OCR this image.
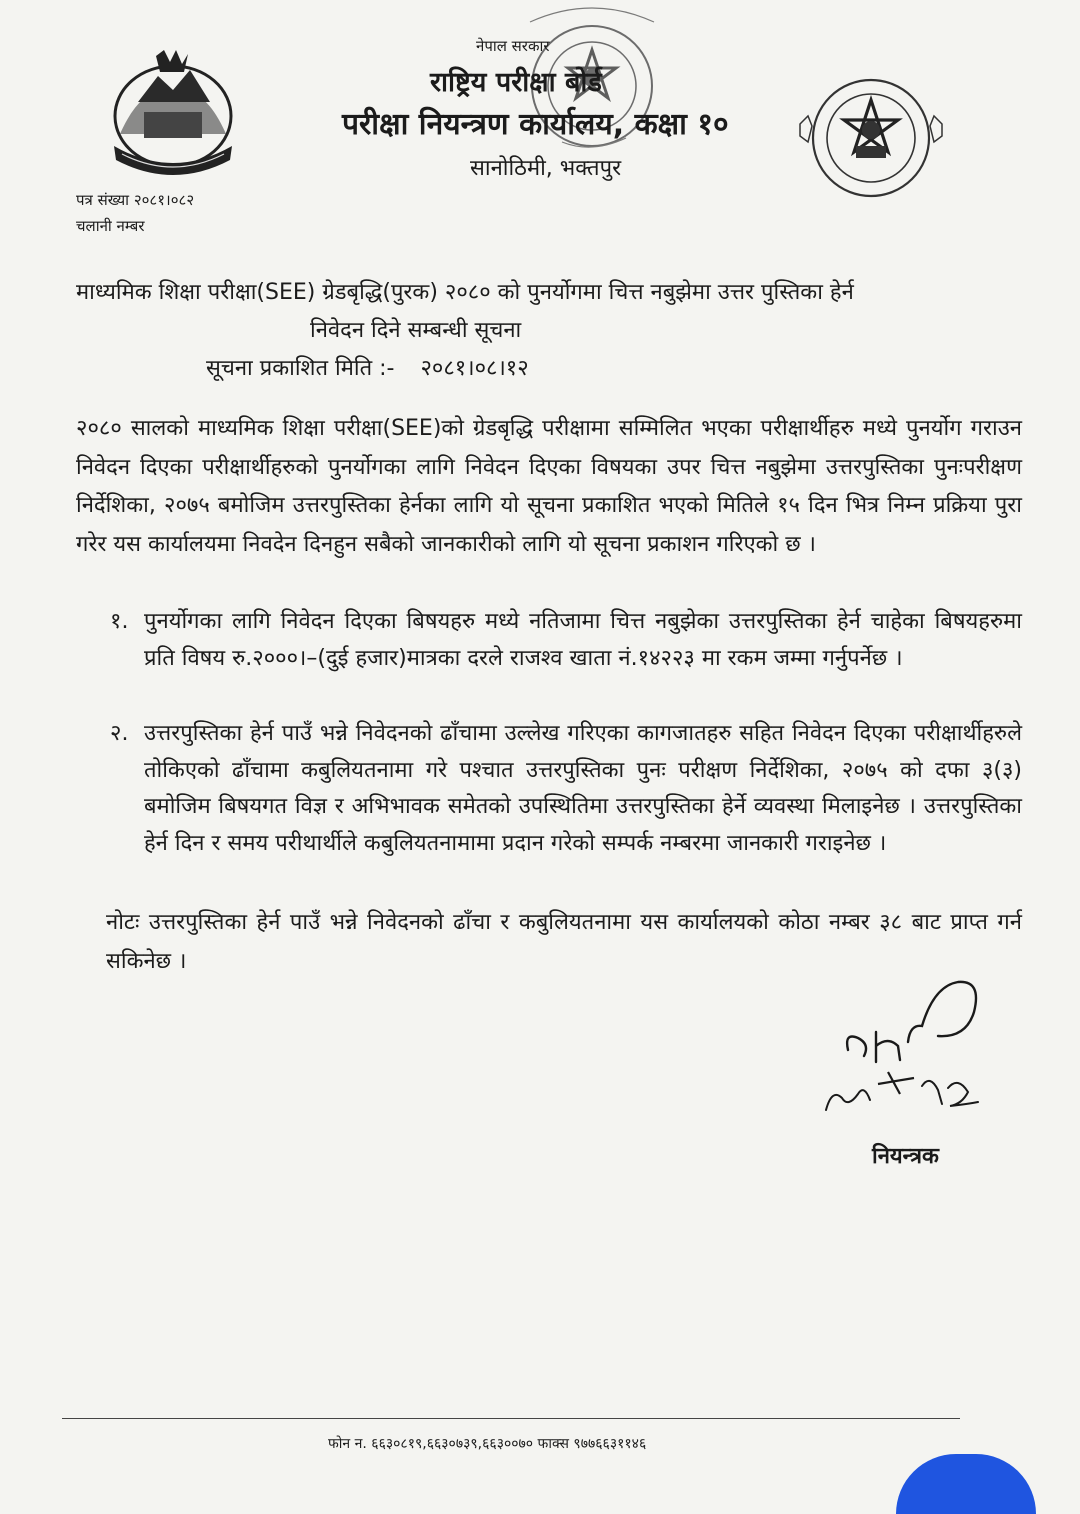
नेपाल सरकार
राष्ट्रिय परीक्षा बोर्ड
परीक्षा नियन्त्रण कार्यालय, कक्षा १०
सानोठिमी, भक्तपुर
पत्र संख्या २०८१।०८२
चलानी नम्बर
माध्यमिक शिक्षा परीक्षा(SEE) ग्रेडबृद्धि(पुरक) २०८० को पुनर्योगमा चित्त नबुझेमा उत्तर पुस्तिका हेर्न
निवेदन दिने सम्बन्धी सूचना
सूचना प्रकाशित मिति :- २०८१।०८।१२

२०८० सालको माध्यमिक शिक्षा परीक्षा(SEE)को ग्रेडबृद्धि परीक्षामा सम्मिलित भएका परीक्षार्थीहरु मध्ये पुनर्योग गराउन निवेदन दिएका परीक्षार्थीहरुको पुनर्योगका लागि निवेदन दिएका विषयका उपर चित्त नबुझेमा उत्तरपुस्तिका पुनःपरीक्षण निर्देशिका, २०७५ बमोजिम उत्तरपुस्तिका हेर्नका लागि यो सूचना प्रकाशित भएको मितिले १५ दिन भित्र निम्न प्रक्रिया पुरा गरेर यस कार्यालयमा निवदेन दिनहुन सबैको जानकारीको लागि यो सूचना प्रकाशन गरिएको छ ।

१. पुनर्योगका लागि निवेदन दिएका बिषयहरु मध्ये नतिजामा चित्त नबुझेका उत्तरपुस्तिका हेर्न चाहेका बिषयहरुमा प्रति विषय रु.२०००।–(दुई हजार)मात्रका दरले राजश्व खाता नं.१४२२३ मा रकम जम्मा गर्नुपर्नेछ ।
२. उत्तरपुस्तिका हेर्न पाउँ भन्ने निवेदनको ढाँचामा उल्लेख गरिएका कागजातहरु सहित निवेदन दिएका परीक्षार्थीहरुले तोकिएको ढाँचामा कबुलियतनामा गरे पश्चात उत्तरपुस्तिका पुनः परीक्षण निर्देशिका, २०७५ को दफा ३(३) बमोजिम बिषयगत विज्ञ र अभिभावक समेतको उपस्थितिमा उत्तरपुस्तिका हेर्ने व्यवस्था मिलाइनेछ । उत्तरपुस्तिका हेर्न दिन र समय परीथार्थीले कबुलियतनामामा प्रदान गरेको सम्पर्क नम्बरमा जानकारी गराइनेछ ।
नोटः उत्तरपुस्तिका हेर्न पाउँ भन्ने निवेदनको ढाँचा र कबुलियतनामा यस कार्यालयको कोठा नम्बर ३८ बाट प्राप्त गर्न सकिनेछ ।
नियन्त्रक
फोन न. ६६३०८१९,६६३०७३९,६६३००७० फाक्स ९७७६६३११४६
